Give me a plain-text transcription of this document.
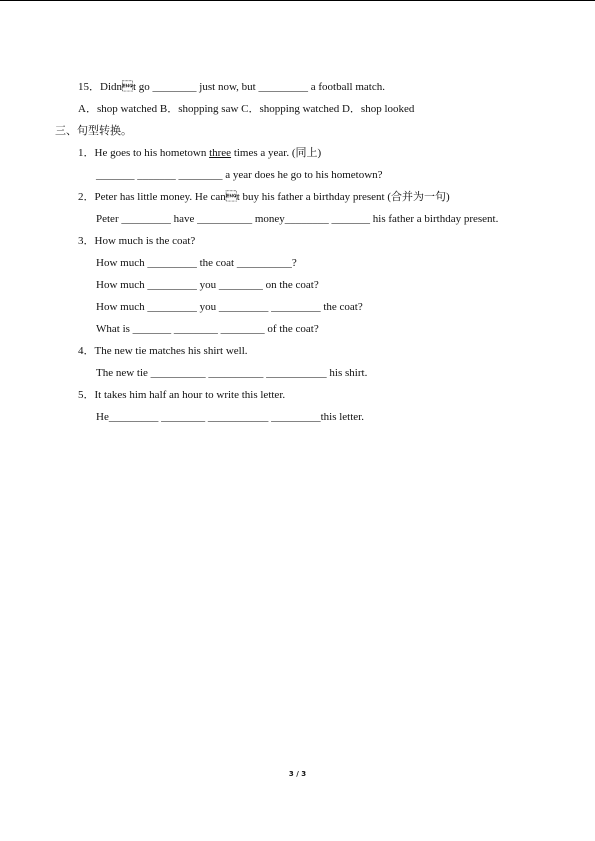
15．Didnt go ________ just now, but _________ a football match.
A．shop watched B．shopping saw C．shopping watched D．shop looked
三、句型转换。
1．He goes to his hometown three times a year. (同上)
_______ _______ ________ a year does he go to his hometown?
2．Peter has little money. He cant buy his father a birthday present (合并为一句)
Peter _________ have __________ money________ _______ his father a birthday present.
3．How much is the coat?
How much _________ the coat __________?
How much _________ you ________ on the coat?
How much _________ you _________ _________ the coat?
What is _______ ________ ________ of the coat?
4．The new tie matches his shirt well.
The new tie __________ __________ ___________ his shirt.
5．It takes him half an hour to write this letter.
He_________ ________ ___________ _________this letter.
3 / 3
